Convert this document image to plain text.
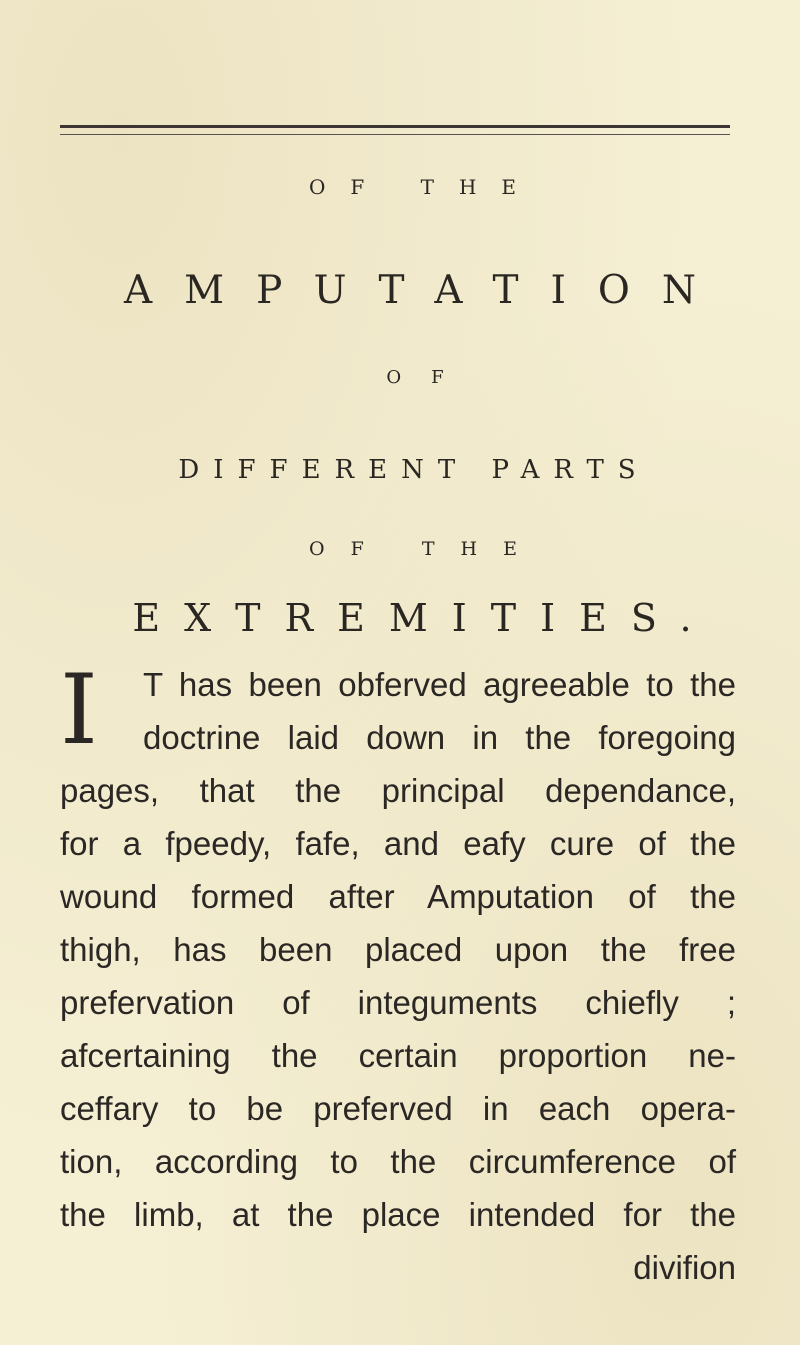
OF THE
AMPUTATION
OF
DIFFERENT PARTS
OF THE
EXTREMITIES.
I	T has been obferved agreeable to the
doctrine laid down in the foregoing
pages, that the principal dependance,
for a fpeedy, fafe, and eafy cure of the
wound formed after Amputation of the
thigh, has been placed upon the free
prefervation of integuments chiefly ;
afcertaining the certain proportion ne-
ceffary to be preferved in each opera-
tion, according to the circumference of
the limb, at the place intended for the
divifion
